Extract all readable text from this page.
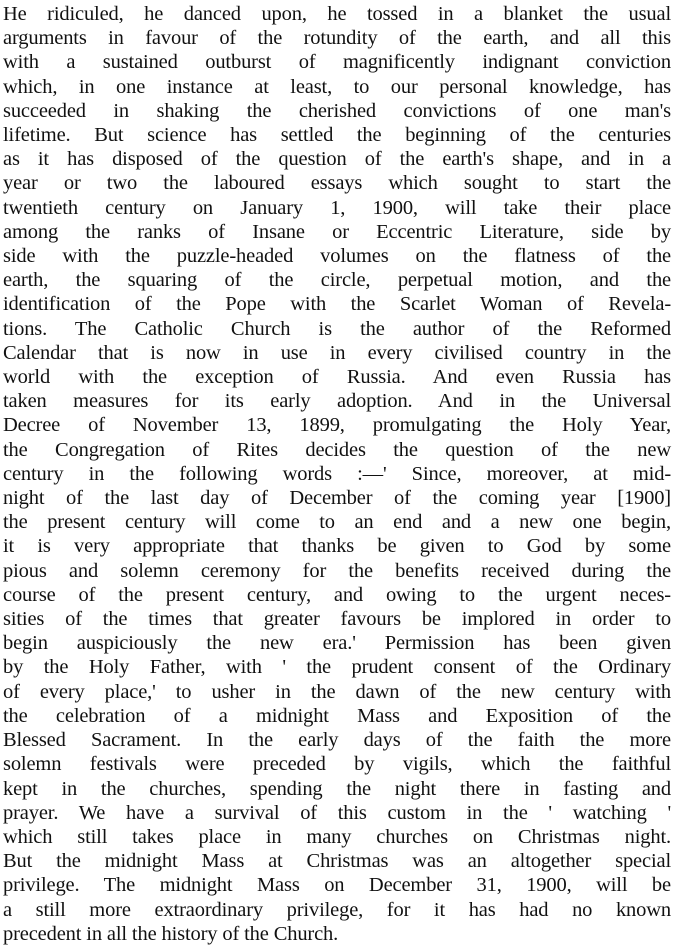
He ridiculed, he danced upon, he tossed in a blanket the usual
arguments in favour of the rotundity of the earth, and all this
with a sustained outburst of magnificently indignant conviction
which, in one instance at least, to our personal knowledge, has
succeeded in shaking the cherished convictions of one man's
lifetime. But science has settled the beginning of the centuries
as it has disposed of the question of the earth's shape, and in a
year or two the laboured essays which sought to start the
twentieth century on January 1, 1900, will take their place
among the ranks of Insane or Eccentric Literature, side by
side with the puzzle-headed volumes on the flatness of the
earth, the squaring of the circle, perpetual motion, and the
identification of the Pope with the Scarlet Woman of Revela-
tions. The Catholic Church is the author of the Reformed
Calendar that is now in use in every civilised country in the
world with the exception of Russia. And even Russia has
taken measures for its early adoption. And in the Universal
Decree of November 13, 1899, promulgating the Holy Year,
the Congregation of Rites decides the question of the new
century in the following words :—' Since, moreover, at mid-
night of the last day of December of the coming year [1900]
the present century will come to an end and a new one begin,
it is very appropriate that thanks be given to God by some
pious and solemn ceremony for the benefits received during the
course of the present century, and owing to the urgent neces-
sities of the times that greater favours be implored in order to
begin auspiciously the new era.' Permission has been given
by the Holy Father, with ' the prudent consent of the Ordinary
of every place,' to usher in the dawn of the new century with
the celebration of a midnight Mass and Exposition of the
Blessed Sacrament. In the early days of the faith the more
solemn festivals were preceded by vigils, which the faithful
kept in the churches, spending the night there in fasting and
prayer. We have a survival of this custom in the ' watching '
which still takes place in many churches on Christmas night.
But the midnight Mass at Christmas was an altogether special
privilege. The midnight Mass on December 31, 1900, will be
a still more extraordinary privilege, for it has had no known
precedent in all the history of the Church.
